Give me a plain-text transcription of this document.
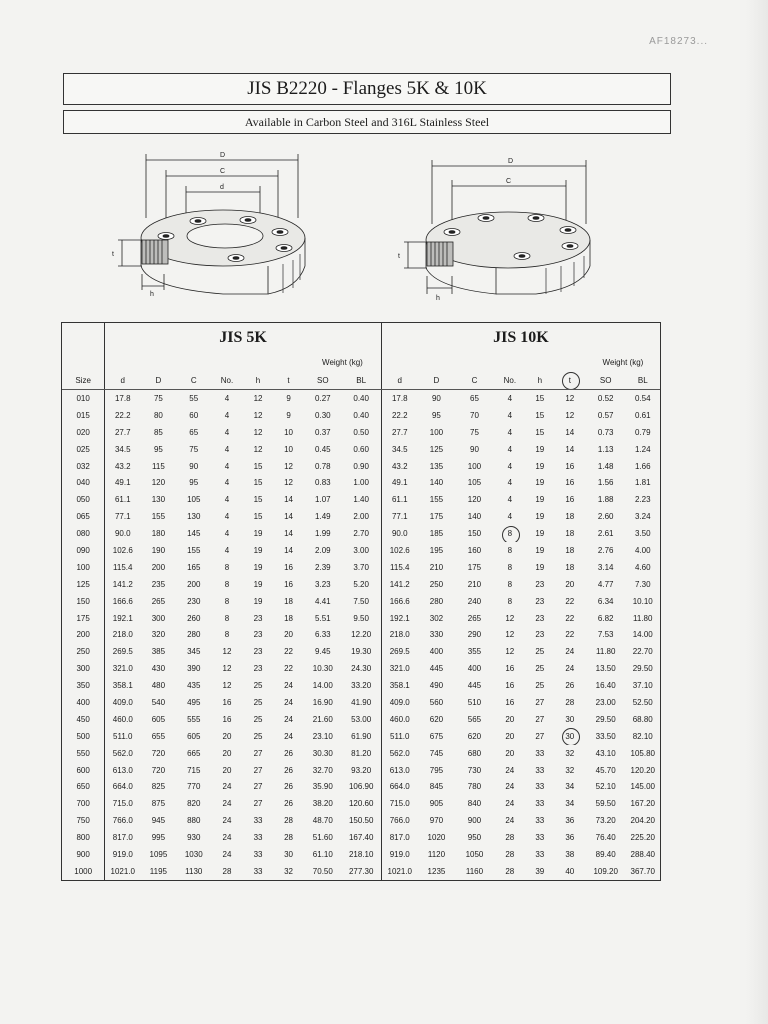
AF18273...
JIS B2220 - Flanges 5K & 10K
Available in Carbon Steel and 316L Stainless Steel
D
C
d
t
h
D
C
t
h
	JIS 5K								JIS 10K							
							Weight (kg)								Weight (kg)	
Size	d	D	C	No.	h	t	SO	BL	d	D	C	No.	h	t	SO	BL
010	17.8	75	55	4	12	9	0.27	0.40	17.8	90	65	4	15	12	0.52	0.54
015	22.2	80	60	4	12	9	0.30	0.40	22.2	95	70	4	15	12	0.57	0.61
020	27.7	85	65	4	12	10	0.37	0.50	27.7	100	75	4	15	14	0.73	0.79
025	34.5	95	75	4	12	10	0.45	0.60	34.5	125	90	4	19	14	1.13	1.24
032	43.2	115	90	4	15	12	0.78	0.90	43.2	135	100	4	19	16	1.48	1.66
040	49.1	120	95	4	15	12	0.83	1.00	49.1	140	105	4	19	16	1.56	1.81
050	61.1	130	105	4	15	14	1.07	1.40	61.1	155	120	4	19	16	1.88	2.23
065	77.1	155	130	4	15	14	1.49	2.00	77.1	175	140	4	19	18	2.60	3.24
080	90.0	180	145	4	19	14	1.99	2.70	90.0	185	150	8	19	18	2.61	3.50
090	102.6	190	155	4	19	14	2.09	3.00	102.6	195	160	8	19	18	2.76	4.00
100	115.4	200	165	8	19	16	2.39	3.70	115.4	210	175	8	19	18	3.14	4.60
125	141.2	235	200	8	19	16	3.23	5.20	141.2	250	210	8	23	20	4.77	7.30
150	166.6	265	230	8	19	18	4.41	7.50	166.6	280	240	8	23	22	6.34	10.10
175	192.1	300	260	8	23	18	5.51	9.50	192.1	302	265	12	23	22	6.82	11.80
200	218.0	320	280	8	23	20	6.33	12.20	218.0	330	290	12	23	22	7.53	14.00
250	269.5	385	345	12	23	22	9.45	19.30	269.5	400	355	12	25	24	11.80	22.70
300	321.0	430	390	12	23	22	10.30	24.30	321.0	445	400	16	25	24	13.50	29.50
350	358.1	480	435	12	25	24	14.00	33.20	358.1	490	445	16	25	26	16.40	37.10
400	409.0	540	495	16	25	24	16.90	41.90	409.0	560	510	16	27	28	23.00	52.50
450	460.0	605	555	16	25	24	21.60	53.00	460.0	620	565	20	27	30	29.50	68.80
500	511.0	655	605	20	25	24	23.10	61.90	511.0	675	620	20	27	30	33.50	82.10
550	562.0	720	665	20	27	26	30.30	81.20	562.0	745	680	20	33	32	43.10	105.80
600	613.0	720	715	20	27	26	32.70	93.20	613.0	795	730	24	33	32	45.70	120.20
650	664.0	825	770	24	27	26	35.90	106.90	664.0	845	780	24	33	34	52.10	145.00
700	715.0	875	820	24	27	26	38.20	120.60	715.0	905	840	24	33	34	59.50	167.20
750	766.0	945	880	24	33	28	48.70	150.50	766.0	970	900	24	33	36	73.20	204.20
800	817.0	995	930	24	33	28	51.60	167.40	817.0	1020	950	28	33	36	76.40	225.20
900	919.0	1095	1030	24	33	30	61.10	218.10	919.0	1120	1050	28	33	38	89.40	288.40
1000	1021.0	1195	1130	28	33	32	70.50	277.30	1021.0	1235	1160	28	39	40	109.20	367.70
